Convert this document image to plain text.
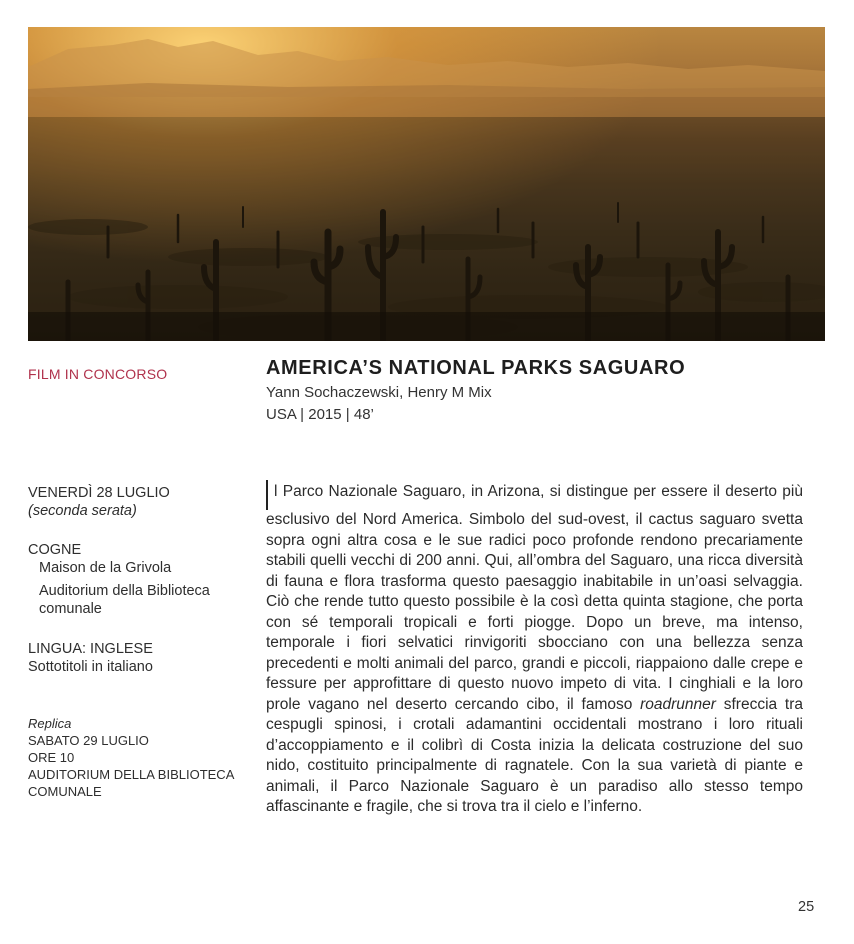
FILM IN CONCORSO	AMERICA’S NATIONAL PARKS SAGUARO
Yann Sochaczewski, Henry M Mix
USA | 2015 | 48’
VENERDÌ 28 LUGLIO
(seconda serata)
COGNE
Maison de la Grivola
Auditorium della Biblioteca comunale
LINGUA: INGLESE
Sottotitoli in italiano
Replica
SABATO 29 LUGLIO
ORE 10
AUDITORIUM DELLA BIBLIOTECA COMUNALE

l Parco Nazionale Saguaro, in Arizona, si distingue per essere il deserto più esclusivo del Nord America. Simbolo del sud-ovest, il cactus saguaro svetta sopra ogni altra cosa e le sue radici poco profonde rendono precariamente stabili quelli vecchi di 200 anni. Qui, all’ombra del Saguaro, una ricca diversità di fauna e flora trasforma questo paesaggio inabitabile in un’oasi selvaggia. Ciò che rende tutto questo possibile è la così detta quinta stagione, che porta con sé temporali tropicali e forti piogge. Dopo un breve, ma intenso, temporale i fiori selvatici rinvigoriti sbocciano con una bellezza senza precedenti e molti animali del parco, grandi e piccoli, riappaiono dalle crepe e fessure per approfittare di questo nuovo impeto di vita. I cinghiali e la loro prole vagano nel deserto cercando cibo, il famoso roadrunner sfreccia tra cespugli spinosi, i crotali adamantini occidentali mostrano i loro rituali d’accoppiamento e il colibrì di Costa inizia la delicata costruzione del suo nido, costituito principalmente di ragnatele. Con la sua varietà di piante e animali, il Parco Nazionale Saguaro è un paradiso allo stesso tempo affascinante e fragile, che si trova tra il cielo e l’inferno.

25
